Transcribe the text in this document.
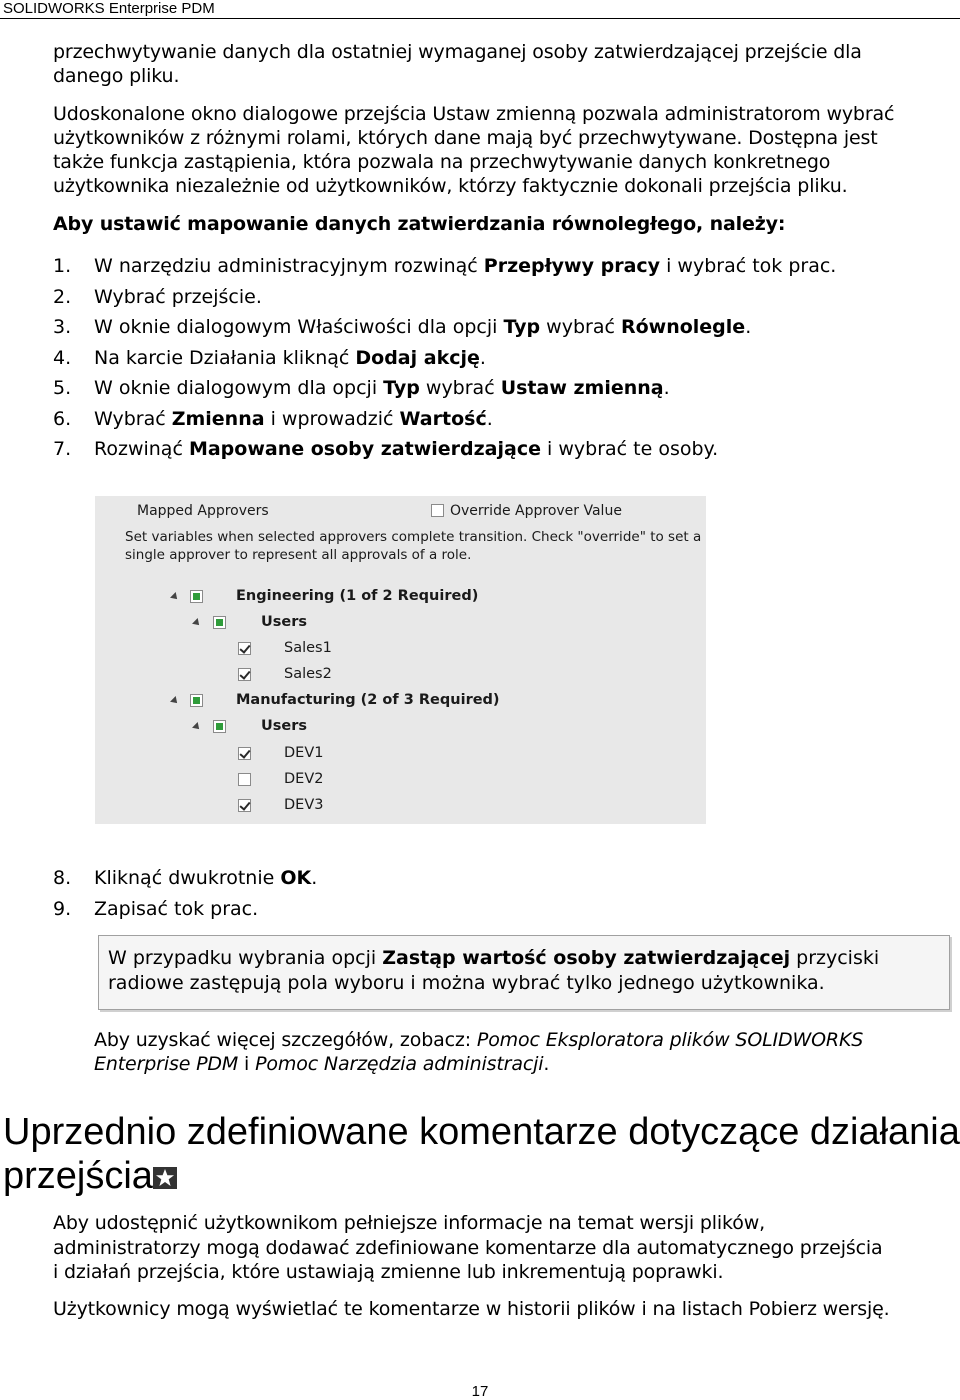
SOLIDWORKS Enterprise PDM
przechwytywanie danych dla ostatniej wymaganej osoby zatwierdzającej przejście dla
danego pliku.
Udoskonalone okno dialogowe przejścia Ustaw zmienną pozwala administratorom wybrać
użytkowników z różnymi rolami, których dane mają być przechwytywane. Dostępna jest
także funkcja zastąpienia, która pozwala na przechwytywanie danych konkretnego
użytkownika niezależnie od użytkowników, którzy faktycznie dokonali przejścia pliku.
Aby ustawić mapowanie danych zatwierdzania równoległego, należy:
1. W narzędziu administracyjnym rozwinąć Przepływy pracy i wybrać tok prac.
2. Wybrać przejście.
3. W oknie dialogowym Właściwości dla opcji Typ wybrać Równolegle.
4. Na karcie Działania kliknąć Dodaj akcję.
5. W oknie dialogowym dla opcji Typ wybrać Ustaw zmienną.
6. Wybrać Zmienna i wprowadzić Wartość.
7. Rozwinąć Mapowane osoby zatwierdzające i wybrać te osoby.
Mapped Approvers	Override Approver Value
Set variables when selected approvers complete transition. Check "override" to set a
single approver to represent all approvals of a role.
Engineering (1 of 2 Required)
Users
Sales1
Sales2
Manufacturing (2 of 3 Required)
Users
DEV1
DEV2
DEV3
8. Kliknąć dwukrotnie OK.
9. Zapisać tok prac.
W przypadku wybrania opcji Zastąp wartość osoby zatwierdzającej przyciski
radiowe zastępują pola wyboru i można wybrać tylko jednego użytkownika.
Aby uzyskać więcej szczegółów, zobacz: Pomoc Eksploratora plików SOLIDWORKS
Enterprise PDM i Pomoc Narzędzia administracji.
Uprzednio zdefiniowane komentarze dotyczące działania
przejścia
Aby udostępnić użytkownikom pełniejsze informacje na temat wersji plików,
administratorzy mogą dodawać zdefiniowane komentarze dla automatycznego przejścia
i działań przejścia, które ustawiają zmienne lub inkrementują poprawki.
Użytkownicy mogą wyświetlać te komentarze w historii plików i na listach Pobierz wersję.
17
